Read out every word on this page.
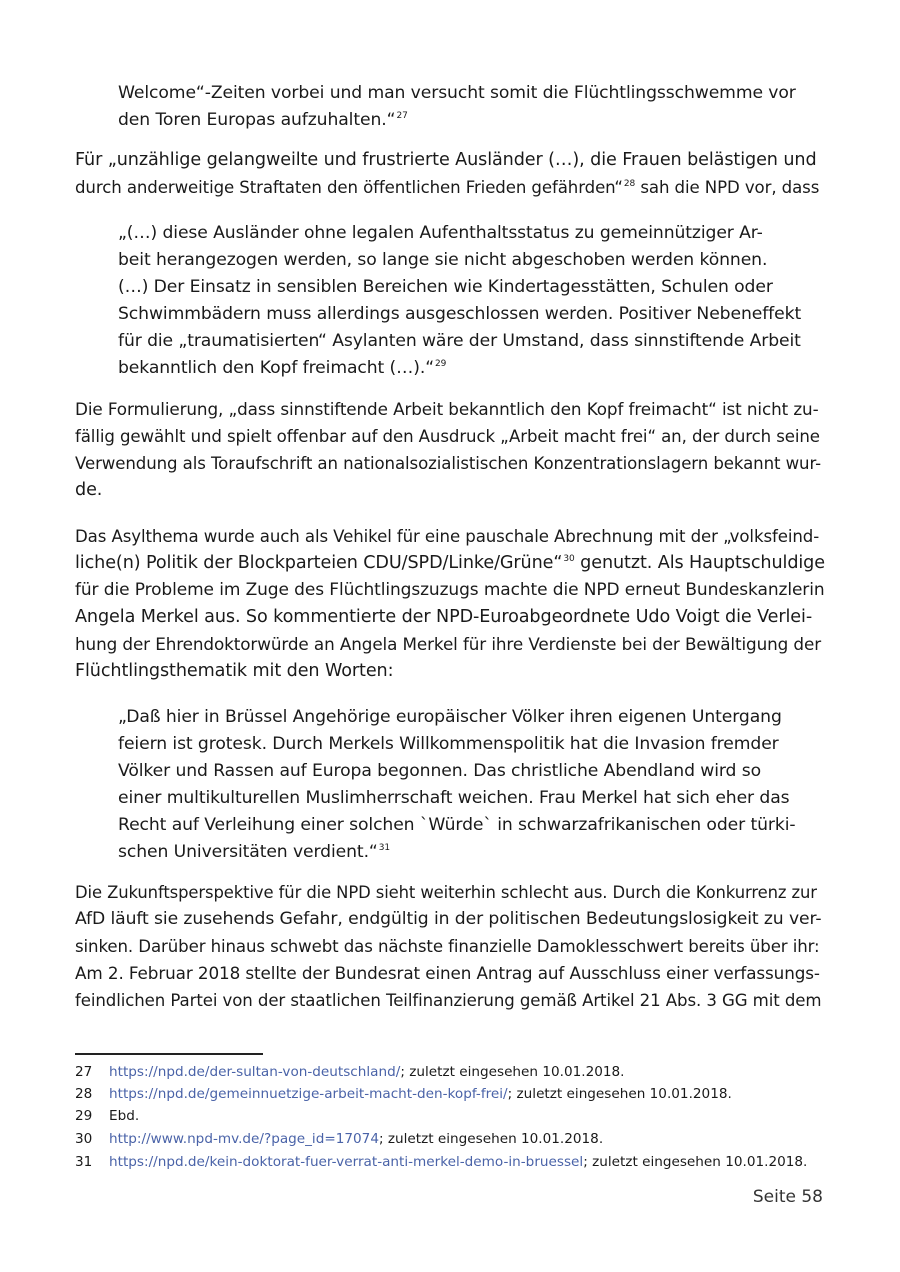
Welcome“-Zeiten vorbei und man versucht somit die Flüchtlingsschwemme vor
den Toren Europas aufzuhalten.“$^{27}$
Für „unzählige gelangweilte und frustrierte Ausländer (…), die Frauen belästigen und
durch anderweitige Straftaten den öffentlichen Frieden gefährden“$^{28}$ sah die NPD vor, dass
„(…) diese Ausländer ohne legalen Aufenthaltsstatus zu gemeinnütziger Ar-
beit herangezogen werden, so lange sie nicht abgeschoben werden können.
(…) Der Einsatz in sensiblen Bereichen wie Kindertagesstätten, Schulen oder
Schwimmbädern muss allerdings ausgeschlossen werden. Positiver Nebeneffekt
für die „traumatisierten“ Asylanten wäre der Umstand, dass sinnstiftende Arbeit
bekanntlich den Kopf freimacht (…).“$^{29}$
Die Formulierung, „dass sinnstiftende Arbeit bekanntlich den Kopf freimacht“ ist nicht zu-
fällig gewählt und spielt offenbar auf den Ausdruck „Arbeit macht frei“ an, der durch seine
Verwendung als Toraufschrift an nationalsozialistischen Konzentrationslagern bekannt wur-
de.
Das Asylthema wurde auch als Vehikel für eine pauschale Abrechnung mit der „volksfeind-
liche(n) Politik der Blockparteien CDU/SPD/Linke/Grüne“$^{30}$ genutzt. Als Hauptschuldige
für die Probleme im Zuge des Flüchtlingszuzugs machte die NPD erneut Bundeskanzlerin
Angela Merkel aus. So kommentierte der NPD-Euroabgeordnete Udo Voigt die Verlei-
hung der Ehrendoktorwürde an Angela Merkel für ihre Verdienste bei der Bewältigung der
Flüchtlingsthematik mit den Worten:
„Daß hier in Brüssel Angehörige europäischer Völker ihren eigenen Untergang
feiern ist grotesk. Durch Merkels Willkommenspolitik hat die Invasion fremder
Völker und Rassen auf Europa begonnen. Das christliche Abendland wird so
einer multikulturellen Muslimherrschaft weichen. Frau Merkel hat sich eher das
Recht auf Verleihung einer solchen `Würde` in schwarzafrikanischen oder türki-
schen Universitäten verdient.“$^{31}$
Die Zukunftsperspektive für die NPD sieht weiterhin schlecht aus. Durch die Konkurrenz zur
AfD läuft sie zusehends Gefahr, endgültig in der politischen Bedeutungslosigkeit zu ver-
sinken. Darüber hinaus schwebt das nächste finanzielle Damoklesschwert bereits über ihr:
Am 2. Februar 2018 stellte der Bundesrat einen Antrag auf Ausschluss einer verfassungs-
feindlichen Partei von der staatlichen Teilfinanzierung gemäß Artikel 21 Abs. 3 GG mit dem
27 https://npd.de/der-sultan-von-deutschland/; zuletzt eingesehen 10.01.2018.
28 https://npd.de/gemeinnuetzige-arbeit-macht-den-kopf-frei/; zuletzt eingesehen 10.01.2018.
29 Ebd.
30 http://www.npd-mv.de/?page_id=17074; zuletzt eingesehen 10.01.2018.
31 https://npd.de/kein-doktorat-fuer-verrat-anti-merkel-demo-in-bruessel; zuletzt eingesehen 10.01.2018.
Seite 58
